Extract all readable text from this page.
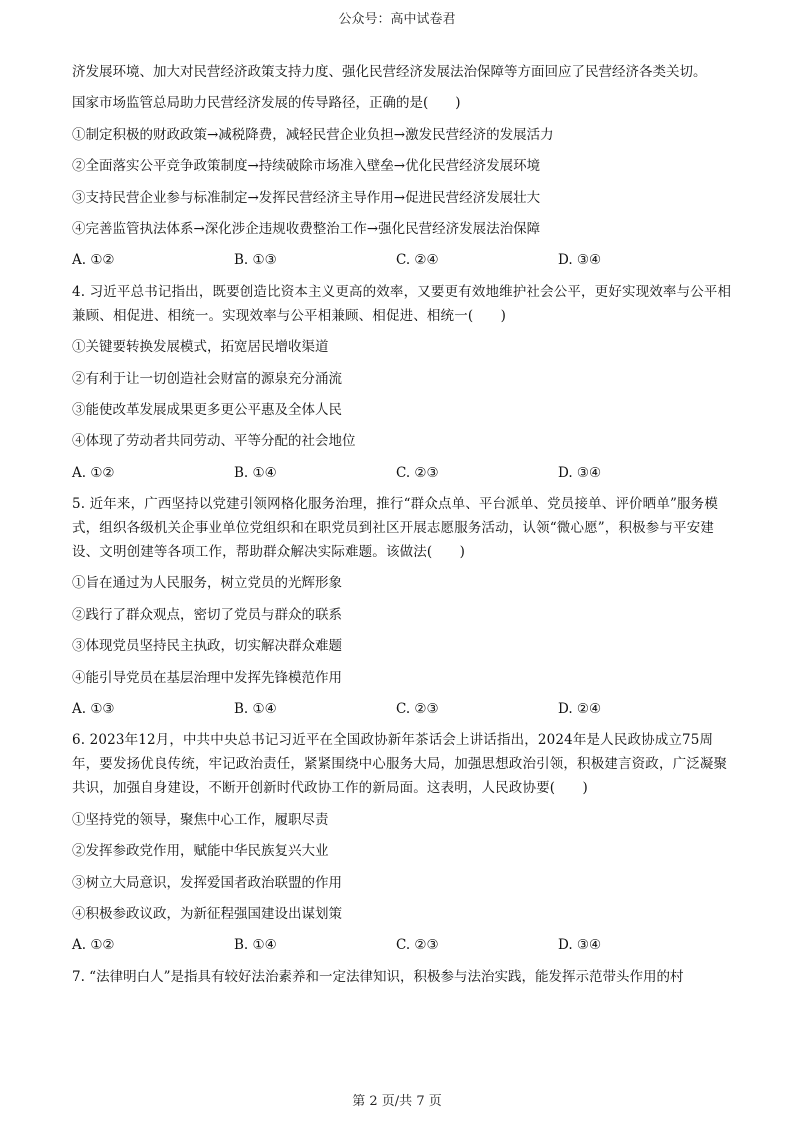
公众号：高中试卷君
济发展环境、加大对民营经济政策支持力度、强化民营经济发展法治保障等方面回应了民营经济各类关切。
国家市场监管总局助力民营经济发展的传导路径，正确的是(　　)
①制定积极的财政政策→减税降费，减轻民营企业负担→激发民营经济的发展活力
②全面落实公平竞争政策制度→持续破除市场准入壁垒→优化民营经济发展环境
③支持民营企业参与标准制定→发挥民营经济主导作用→促进民营经济发展壮大
④完善监管执法体系→深化涉企违规收费整治工作→强化民营经济发展法治保障
A. ①②	B. ①③	C. ②④	D. ③④
4. 习近平总书记指出，既要创造比资本主义更高的效率，又要更有效地维护社会公平，更好实现效率与公平相兼顾、相促进、相统一。实现效率与公平相兼顾、相促进、相统一(　　)
①关键要转换发展模式，拓宽居民增收渠道
②有利于让一切创造社会财富的源泉充分涌流
③能使改革发展成果更多更公平惠及全体人民
④体现了劳动者共同劳动、平等分配的社会地位
A. ①②	B. ①④	C. ②③	D. ③④
5. 近年来，广西坚持以党建引领网格化服务治理，推行“群众点单、平台派单、党员接单、评价晒单”服务模式，组织各级机关企事业单位党组织和在职党员到社区开展志愿服务活动，认领“微心愿”，积极参与平安建设、文明创建等各项工作，帮助群众解决实际难题。该做法(　　)
①旨在通过为人民服务，树立党员的光辉形象
②践行了群众观点，密切了党员与群众的联系
③体现党员坚持民主执政，切实解决群众难题
④能引导党员在基层治理中发挥先锋模范作用
A. ①③	B. ①④	C. ②③	D. ②④
6. 2023年12月，中共中央总书记习近平在全国政协新年茶话会上讲话指出，2024年是人民政协成立75周年，要发扬优良传统，牢记政治责任，紧紧围绕中心服务大局，加强思想政治引领，积极建言资政，广泛凝聚共识，加强自身建设，不断开创新时代政协工作的新局面。这表明，人民政协要(　　)
①坚持党的领导，聚焦中心工作，履职尽责
②发挥参政党作用，赋能中华民族复兴大业
③树立大局意识，发挥爱国者政治联盟的作用
④积极参政议政，为新征程强国建设出谋划策
A. ①②	B. ①④	C. ②③	D. ③④
7. “法律明白人”是指具有较好法治素养和一定法律知识，积极参与法治实践，能发挥示范带头作用的村
第 2 页/共 7 页
